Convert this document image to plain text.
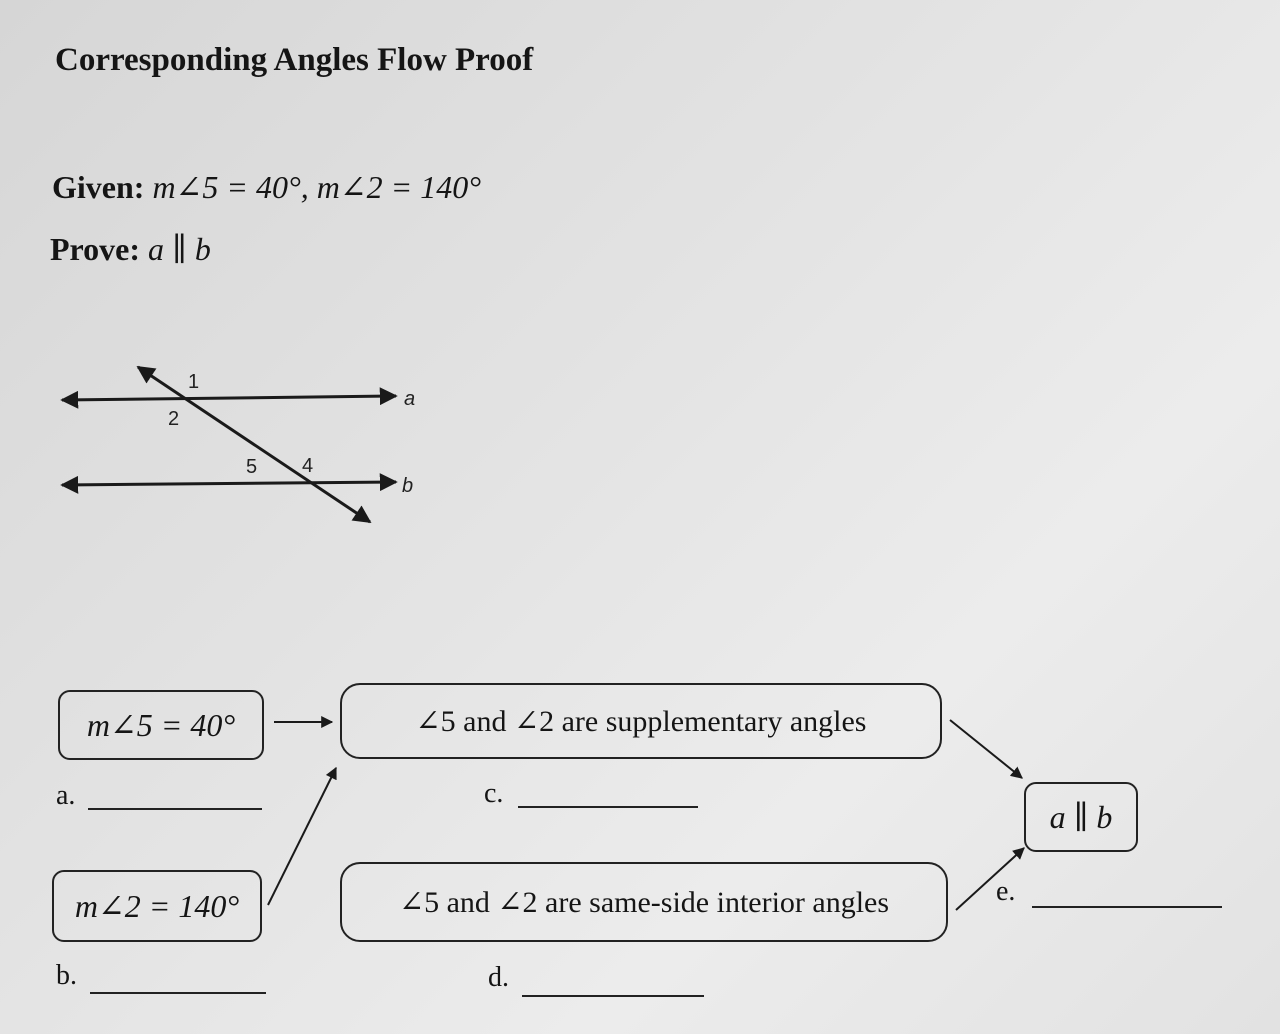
Corresponding Angles Flow Proof
Given: m∠5 = 40°, m∠2 = 140°
Prove: a ∥ b
1
2
5 4
a
b
m∠5 = 40°	∠5 and ∠2 are supplementary angles
m∠2 = 140°	∠5 and ∠2 are same-side interior angles
a ∥ b
a.
b.
c.
d.
e.
